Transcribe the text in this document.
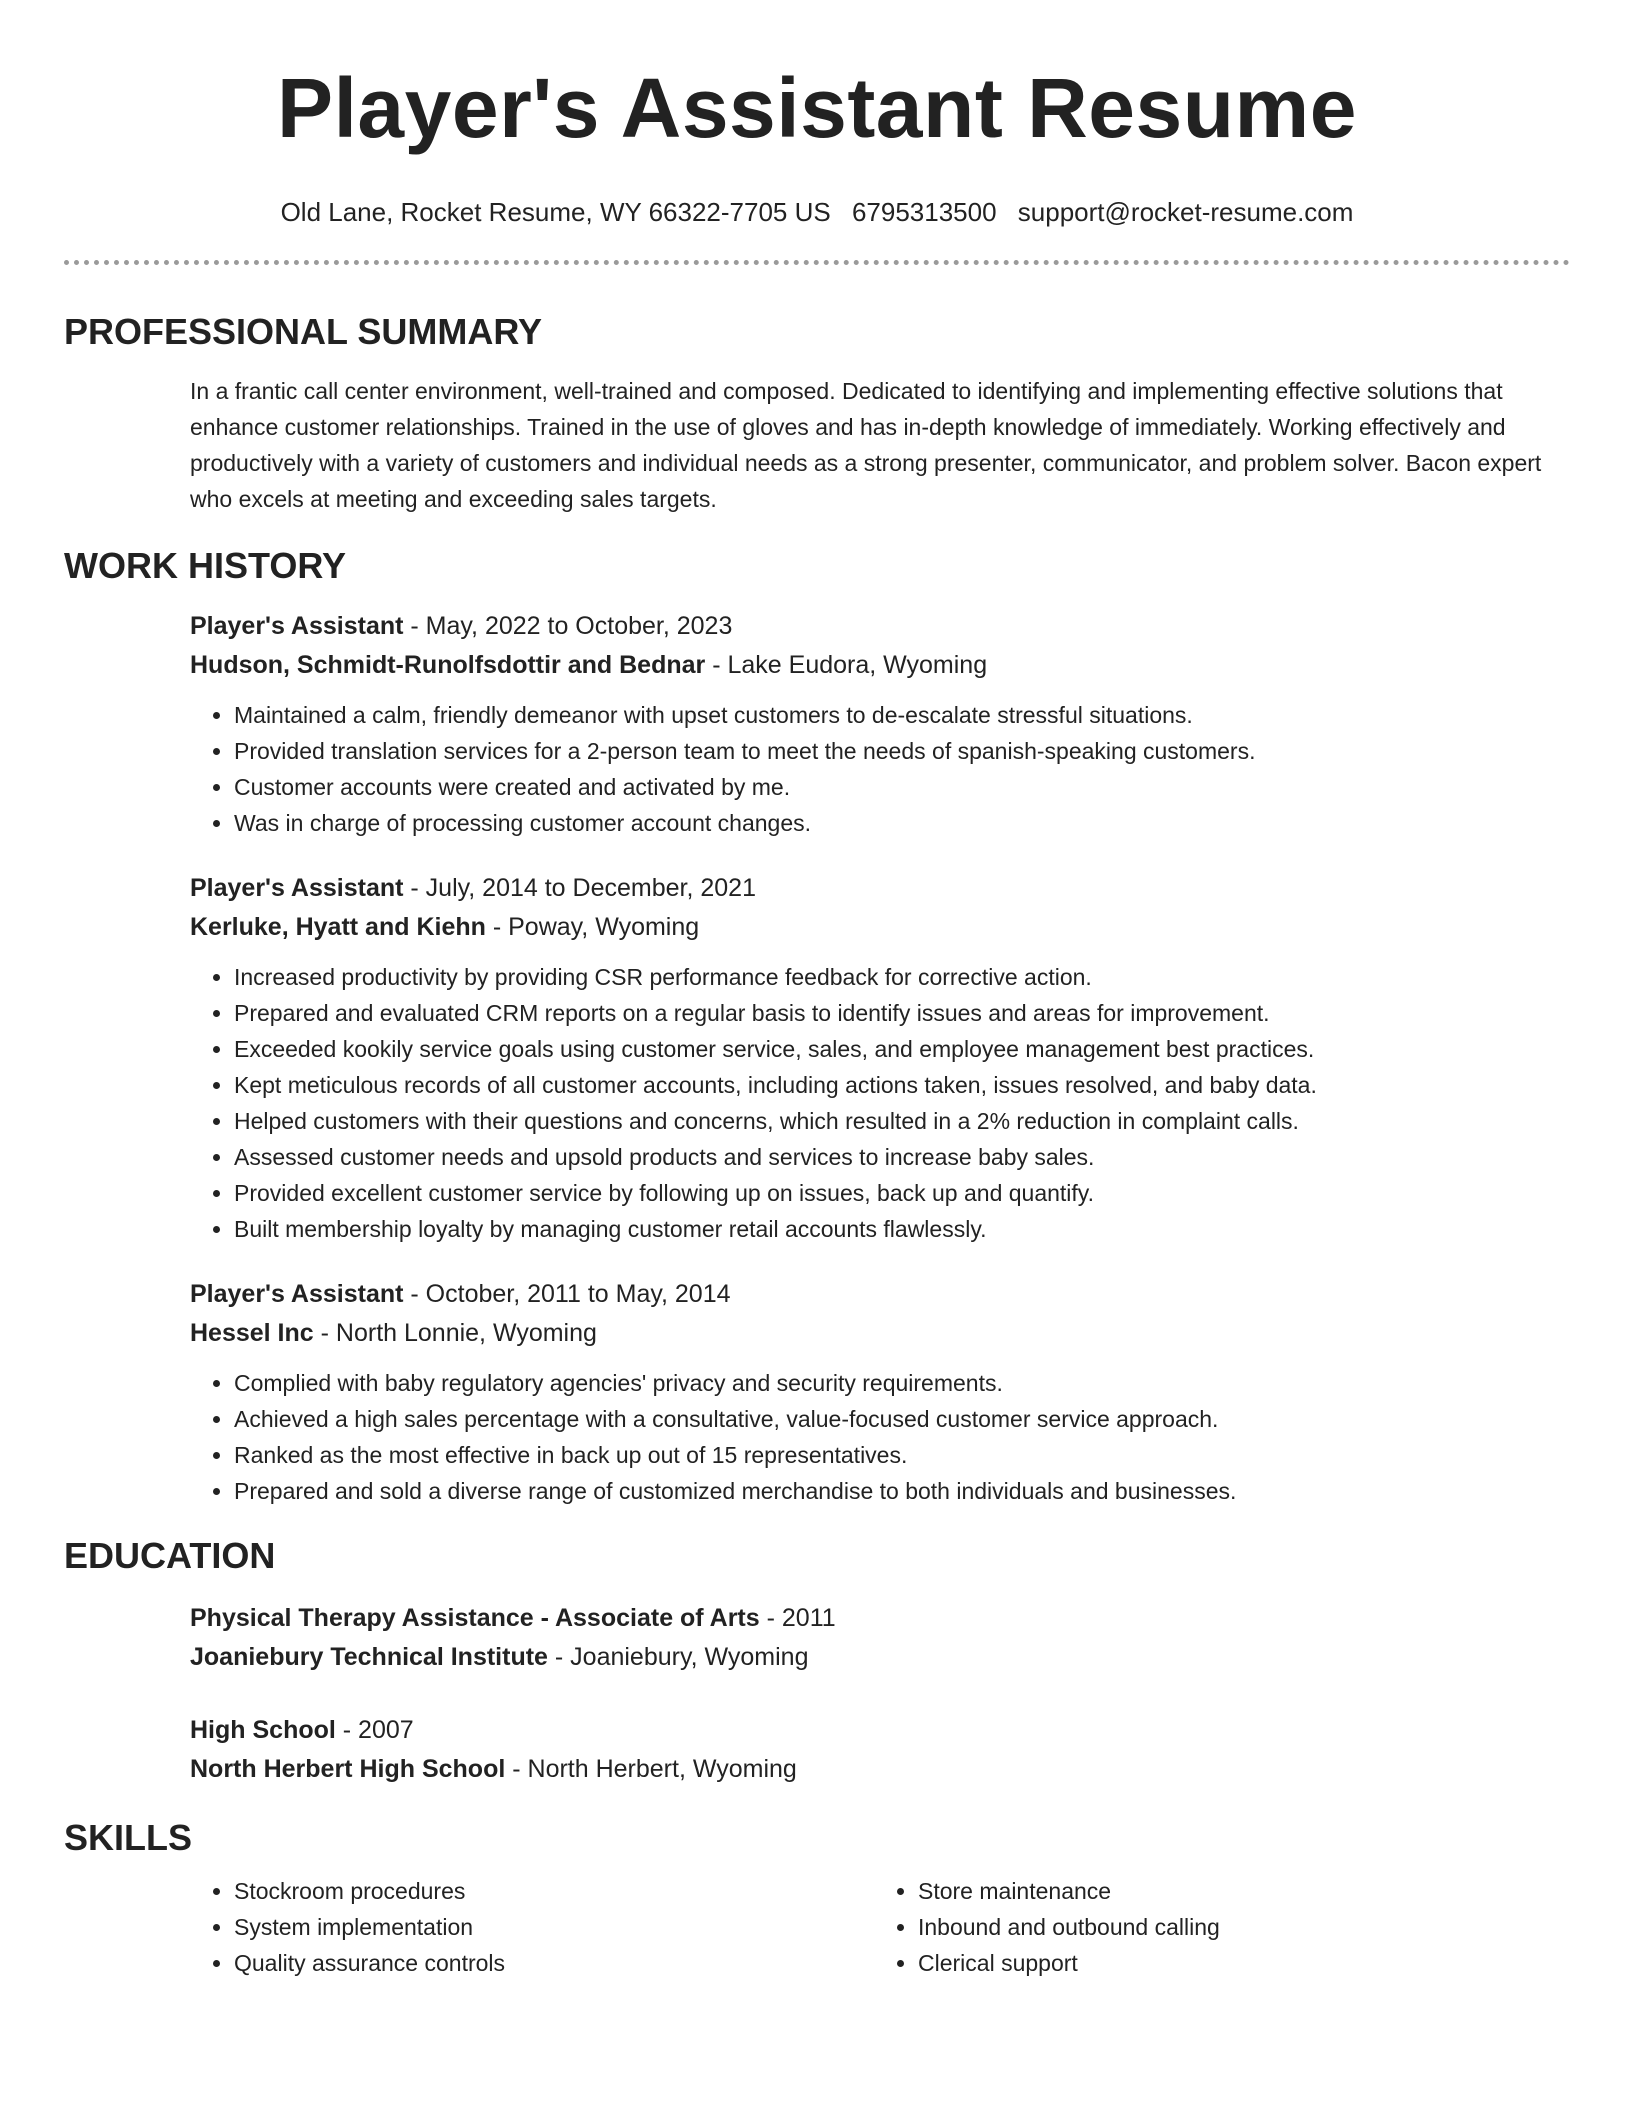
Player's Assistant Resume
Old Lane, Rocket Resume, WY 66322-7705 US 6795313500 support@rocket-resume.com
PROFESSIONAL SUMMARY

In a frantic call center environment, well-trained and composed. Dedicated to identifying and implementing effective solutions that enhance customer relationships. Trained in the use of gloves and has in-depth knowledge of immediately. Working effectively and productively with a variety of customers and individual needs as a strong presenter, communicator, and problem solver. Bacon expert who excels at meeting and exceeding sales targets.

WORK HISTORY
Player's Assistant - May, 2022 to October, 2023
Hudson, Schmidt-Runolfsdottir and Bednar - Lake Eudora, Wyoming
• Maintained a calm, friendly demeanor with upset customers to de-escalate stressful situations.
• Provided translation services for a 2-person team to meet the needs of spanish-speaking customers.
• Customer accounts were created and activated by me.
• Was in charge of processing customer account changes.
Player's Assistant - July, 2014 to December, 2021
Kerluke, Hyatt and Kiehn - Poway, Wyoming
• Increased productivity by providing CSR performance feedback for corrective action.
• Prepared and evaluated CRM reports on a regular basis to identify issues and areas for improvement.
• Exceeded kookily service goals using customer service, sales, and employee management best practices.
• Kept meticulous records of all customer accounts, including actions taken, issues resolved, and baby data.
• Helped customers with their questions and concerns, which resulted in a 2% reduction in complaint calls.
• Assessed customer needs and upsold products and services to increase baby sales.
• Provided excellent customer service by following up on issues, back up and quantify.
• Built membership loyalty by managing customer retail accounts flawlessly.
Player's Assistant - October, 2011 to May, 2014
Hessel Inc - North Lonnie, Wyoming
• Complied with baby regulatory agencies' privacy and security requirements.
• Achieved a high sales percentage with a consultative, value-focused customer service approach.
• Ranked as the most effective in back up out of 15 representatives.
• Prepared and sold a diverse range of customized merchandise to both individuals and businesses.
EDUCATION
Physical Therapy Assistance - Associate of Arts - 2011
Joaniebury Technical Institute - Joaniebury, Wyoming
High School - 2007
North Herbert High School - North Herbert, Wyoming
SKILLS
• Stockroom procedures
• System implementation
• Quality assurance controls
• Store maintenance
• Inbound and outbound calling
• Clerical support
